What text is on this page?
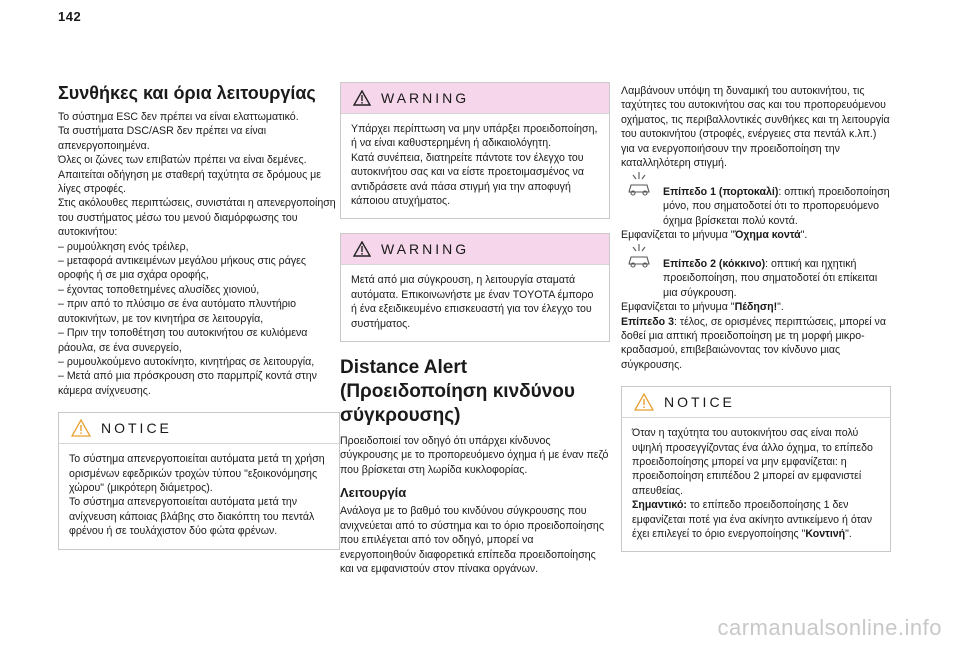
142
Συνθήκες και όρια λειτουργίας
Το σύστημα ESC δεν πρέπει να είναι ελαττωματικό.
Τα συστήματα DSC/ASR δεν πρέπει να είναι απενεργοποιημένα.
Όλες οι ζώνες των επιβατών πρέπει να είναι δεμένες.
Απαιτείται οδήγηση με σταθερή ταχύτητα σε δρόμους με λίγες στροφές.
Στις ακόλουθες περιπτώσεις, συνιστάται η απενεργοποίηση του συστήματος μέσω του μενού διαμόρφωσης του αυτοκινήτου:
– ρυμούλκηση ενός τρέιλερ,
– μεταφορά αντικειμένων μεγάλου μήκους στις ράγες οροφής ή σε μια σχάρα οροφής,
– έχοντας τοποθετημένες αλυσίδες χιονιού,
– πριν από το πλύσιμο σε ένα αυτόματο πλυντήριο αυτοκινήτων, με τον κινητήρα σε λειτουργία,
– Πριν την τοποθέτηση του αυτοκινήτου σε κυλιόμενα ράουλα, σε ένα συνεργείο,
– ρυμουλκούμενο αυτοκίνητο, κινητήρας σε λειτουργία,
– Μετά από μια πρόσκρουση στο παρμπρίζ κοντά στην κάμερα ανίχνευσης.
NOTICE
Το σύστημα απενεργοποιείται αυτόματα μετά τη χρήση ορισμένων εφεδρικών τροχών τύπου "εξοικονόμησης χώρου" (μικρότερη διάμετρος).
Το σύστημα απενεργοποιείται αυτόματα μετά την ανίχνευση κάποιας βλάβης στο διακόπτη του πεντάλ φρένου ή σε τουλάχιστον δύο φώτα φρένων.
WARNING
Υπάρχει περίπτωση να μην υπάρξει προειδοποίηση, ή να είναι καθυστερημένη ή αδικαιολόγητη.
Κατά συνέπεια, διατηρείτε πάντοτε τον έλεγχο του αυτοκινήτου σας και να είστε προετοιμασμένος να αντιδράσετε ανά πάσα στιγμή για την αποφυγή κάποιου ατυχήματος.
WARNING
Μετά από μια σύγκρουση, η λειτουργία σταματά αυτόματα. Επικοινωνήστε με έναν TOYOTA έμπορο ή ένα εξειδικευμένο επισκευαστή για τον έλεγχο του συστήματος.
Distance Alert (Προειδοποίηση κινδύνου σύγκρουσης)
Προειδοποιεί τον οδηγό ότι υπάρχει κίνδυνος σύγκρουσης με το προπορευόμενο όχημα ή με έναν πεζό που βρίσκεται στη λωρίδα κυκλοφορίας.
Λειτουργία
Ανάλογα με το βαθμό του κινδύνου σύγκρουσης που ανιχνεύεται από το σύστημα και το όριο προειδοποίησης που επιλέγεται από τον οδηγό, μπορεί να ενεργοποιηθούν διαφορετικά επίπεδα προειδοποίησης και να εμφανιστούν στον πίνακα οργάνων.
Λαμβάνουν υπόψη τη δυναμική του αυτοκινήτου, τις ταχύτητες του αυτοκινήτου σας και του προπορευόμενου οχήματος, τις περιβαλλοντικές συνθήκες και τη λειτουργία του αυτοκινήτου (στροφές, ενέργειες στα πεντάλ κ.λπ.) για να ενεργοποιήσουν την προειδοποίηση την καταλληλότερη στιγμή.

Επίπεδο 1 (πορτοκαλί): οπτική προειδοποίηση μόνο, που σηματοδοτεί ότι το προπορευόμενο όχημα βρίσκεται πολύ κοντά.

Εμφανίζεται το μήνυμα "Όχημα κοντά".

Επίπεδο 2 (κόκκινο): οπτική και ηχητική προειδοποίηση, που σηματοδοτεί ότι επίκειται μια σύγκρουση.

Εμφανίζεται το μήνυμα "Πέδηση!".
Επίπεδο 3: τέλος, σε ορισμένες περιπτώσεις, μπορεί να δοθεί μια απτική προειδοποίηση με τη μορφή μικρο-κραδασμού, επιβεβαιώνοντας τον κίνδυνο μιας σύγκρουσης.
NOTICE
Όταν η ταχύτητα του αυτοκινήτου σας είναι πολύ υψηλή προσεγγίζοντας ένα άλλο όχημα, το επίπεδο προειδοποίησης μπορεί να μην εμφανίζεται: η προειδοποίηση επιπέδου 2 μπορεί αν εμφανιστεί απευθείας.
Σημαντικό: το επίπεδο προειδοποίησης 1 δεν εμφανίζεται ποτέ για ένα ακίνητο αντικείμενο ή όταν έχει επιλεγεί το όριο ενεργοποίησης "Κοντινή".
carmanualsonline.info
